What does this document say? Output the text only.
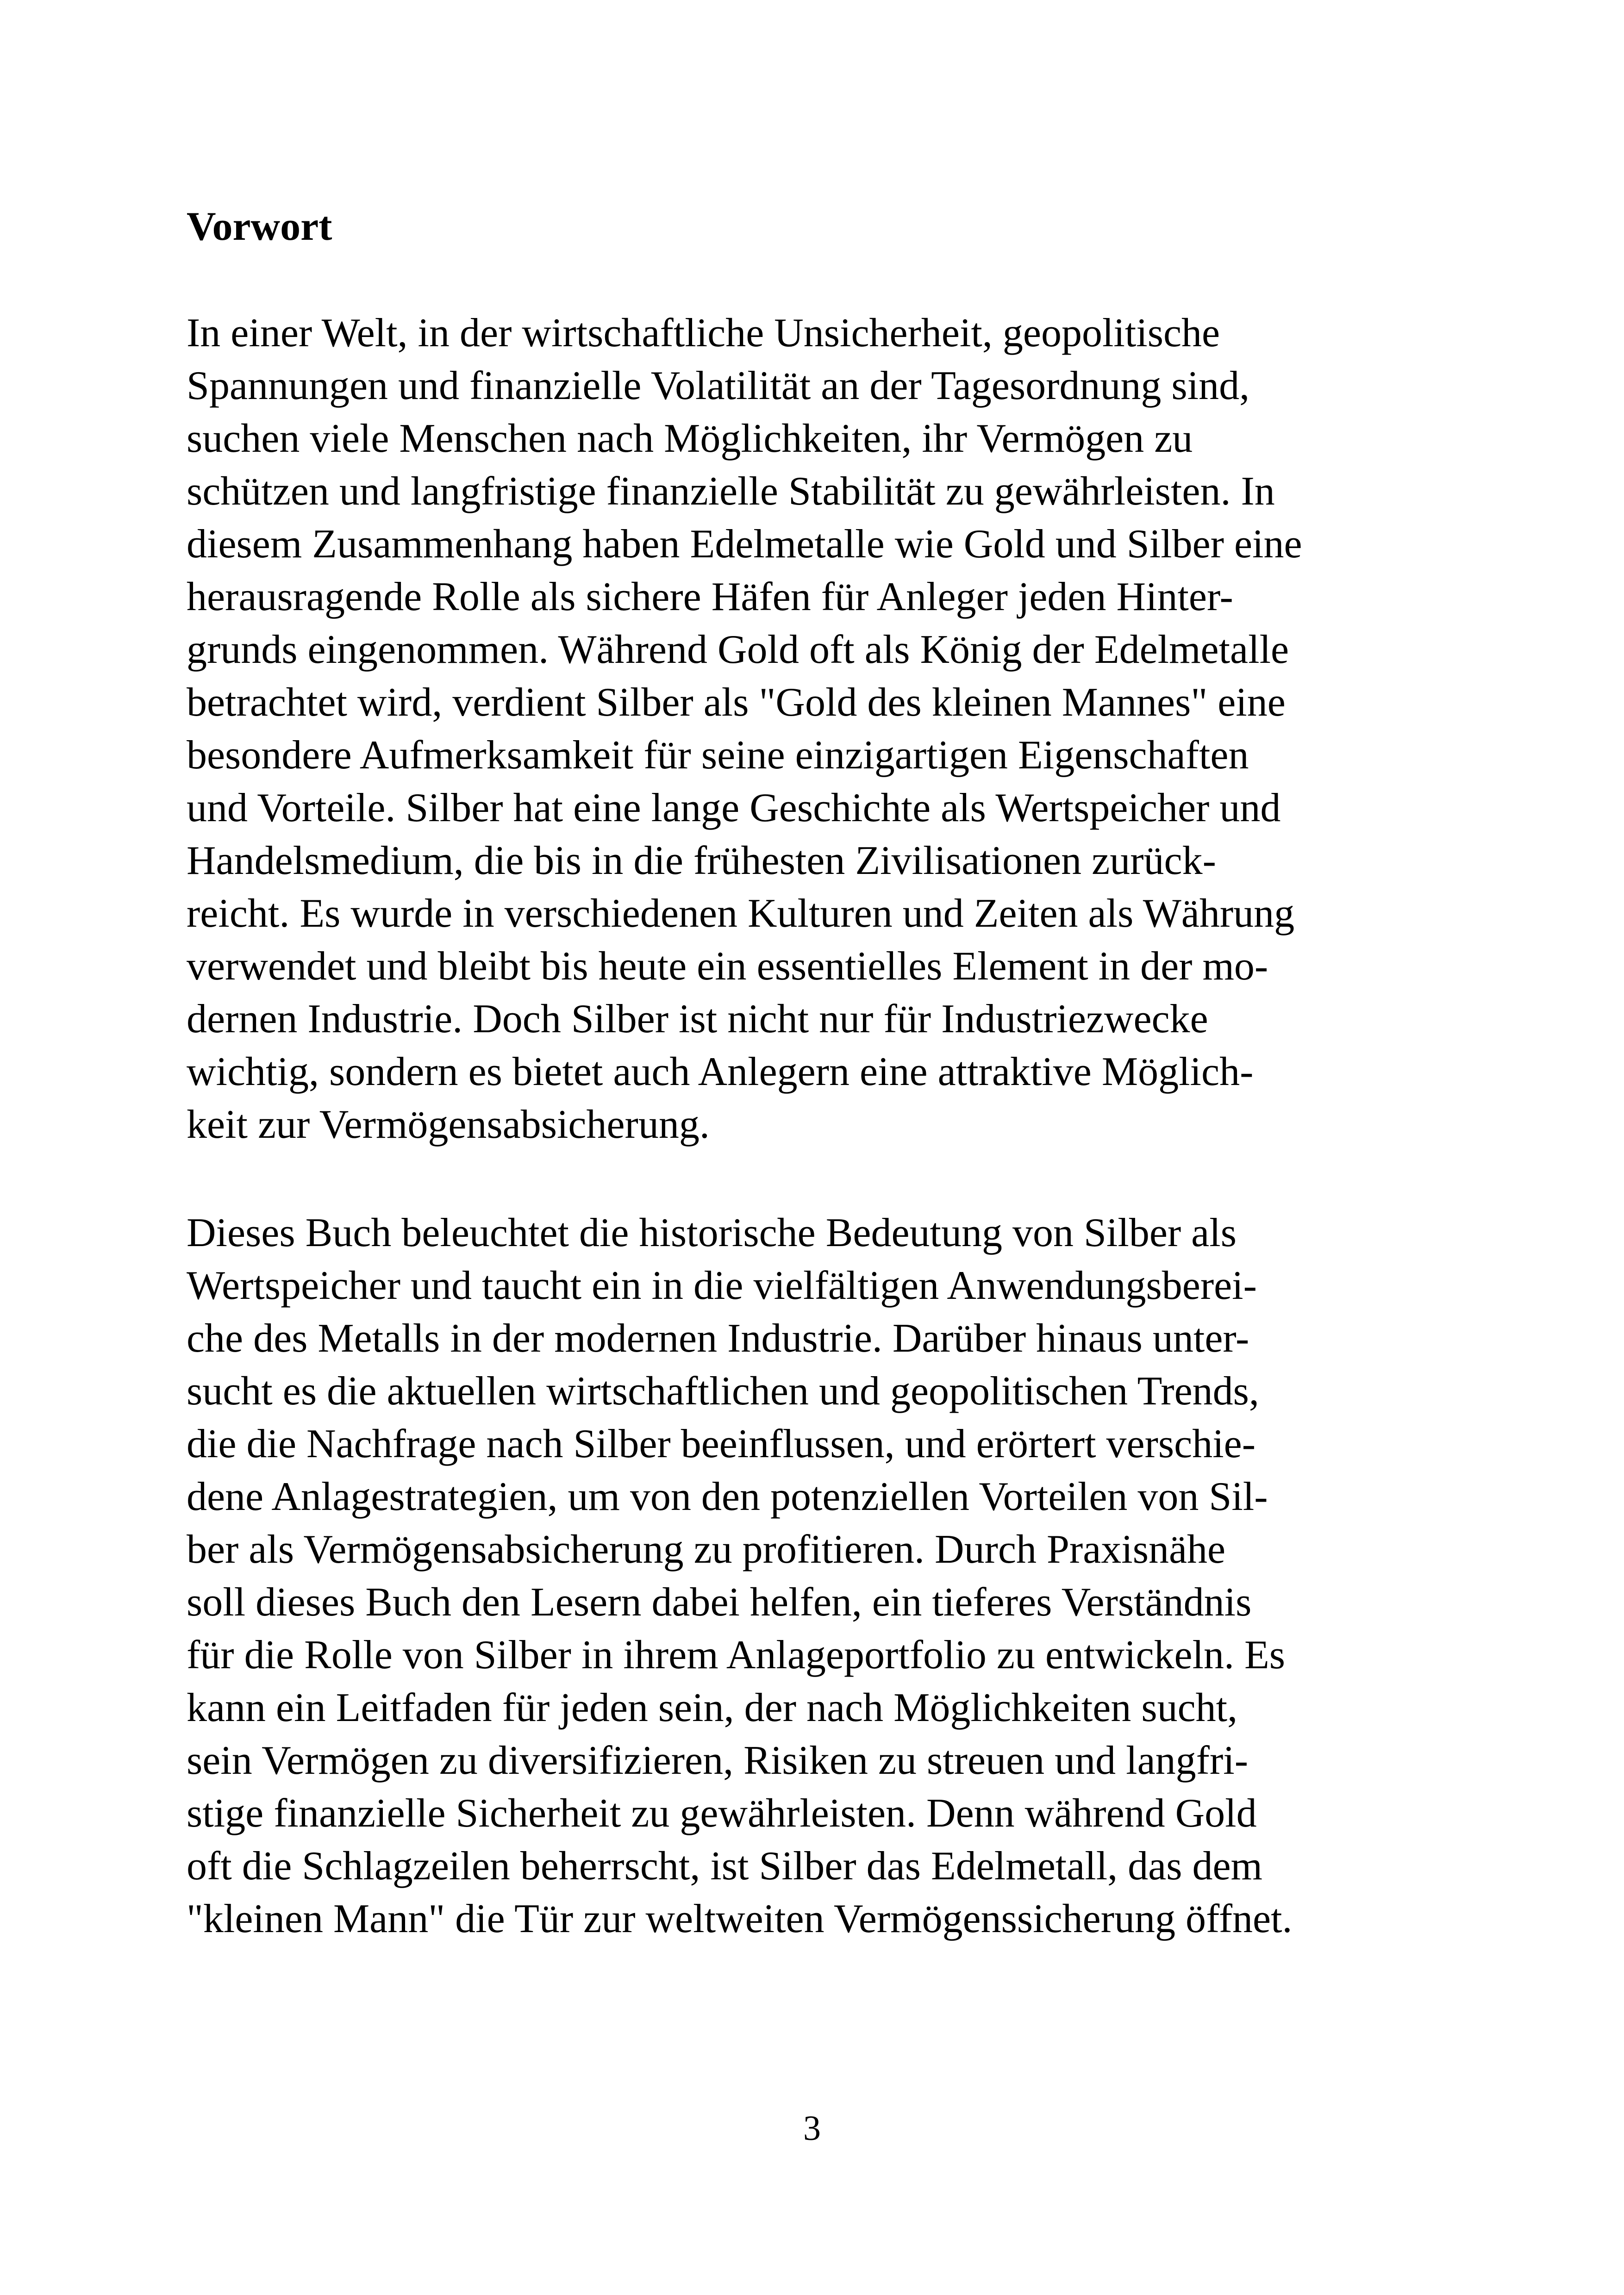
Vorwort

In einer Welt, in der wirtschaftliche Unsicherheit, geopolitische
Spannungen und finanzielle Volatilität an der Tagesordnung sind,
suchen viele Menschen nach Möglichkeiten, ihr Vermögen zu
schützen und langfristige finanzielle Stabilität zu gewährleisten. In
diesem Zusammenhang haben Edelmetalle wie Gold und Silber eine
herausragende Rolle als sichere Häfen für Anleger jeden Hinter-
grunds eingenommen. Während Gold oft als König der Edelmetalle
betrachtet wird, verdient Silber als "Gold des kleinen Mannes" eine
besondere Aufmerksamkeit für seine einzigartigen Eigenschaften
und Vorteile. Silber hat eine lange Geschichte als Wertspeicher und
Handelsmedium, die bis in die frühesten Zivilisationen zurück-
reicht. Es wurde in verschiedenen Kulturen und Zeiten als Währung
verwendet und bleibt bis heute ein essentielles Element in der mo-
dernen Industrie. Doch Silber ist nicht nur für Industriezwecke
wichtig, sondern es bietet auch Anlegern eine attraktive Möglich-
keit zur Vermögensabsicherung.

Dieses Buch beleuchtet die historische Bedeutung von Silber als
Wertspeicher und taucht ein in die vielfältigen Anwendungsberei-
che des Metalls in der modernen Industrie. Darüber hinaus unter-
sucht es die aktuellen wirtschaftlichen und geopolitischen Trends,
die die Nachfrage nach Silber beeinflussen, und erörtert verschie-
dene Anlagestrategien, um von den potenziellen Vorteilen von Sil-
ber als Vermögensabsicherung zu profitieren. Durch Praxisnähe
soll dieses Buch den Lesern dabei helfen, ein tieferes Verständnis
für die Rolle von Silber in ihrem Anlageportfolio zu entwickeln. Es
kann ein Leitfaden für jeden sein, der nach Möglichkeiten sucht,
sein Vermögen zu diversifizieren, Risiken zu streuen und langfri-
stige finanzielle Sicherheit zu gewährleisten. Denn während Gold
oft die Schlagzeilen beherrscht, ist Silber das Edelmetall, das dem
"kleinen Mann" die Tür zur weltweiten Vermögenssicherung öffnet.

3
